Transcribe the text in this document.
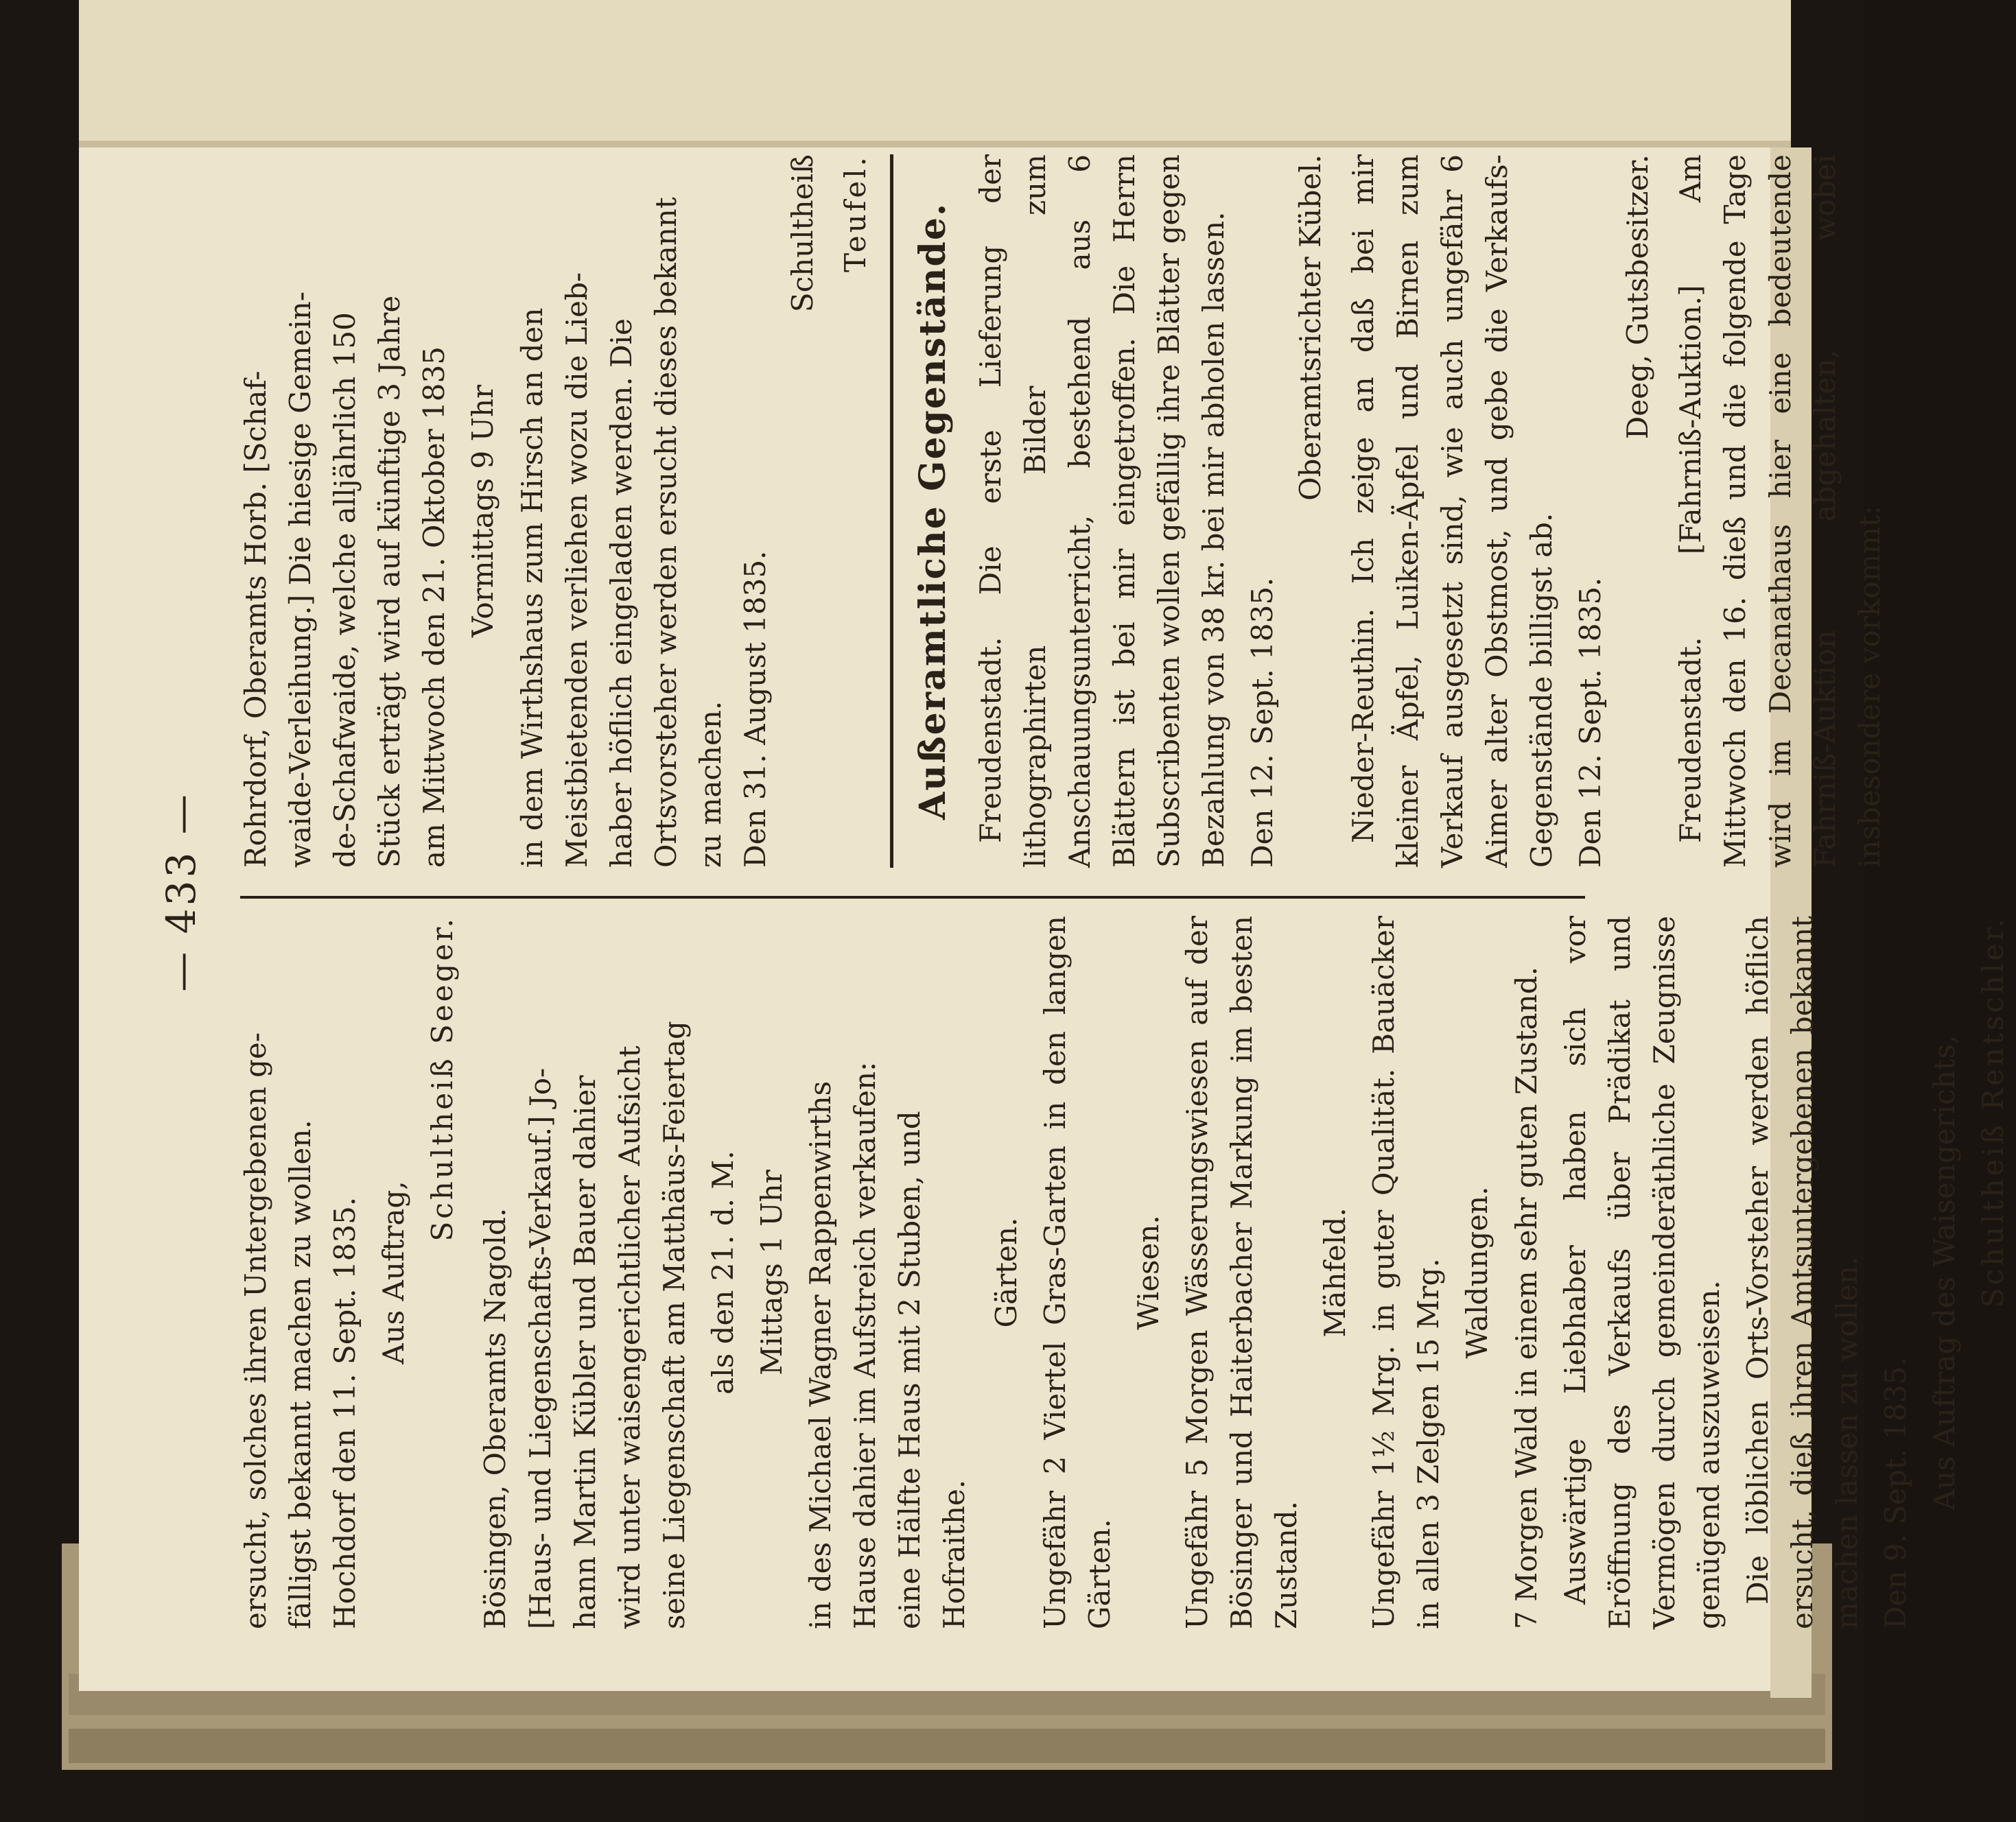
— 433 —
ersucht, solches ihren Untergebenen ge- fälligst bekannt machen zu wollen. Hochdorf den 11. Sept. 1835. Aus Auftrag,
Schultheiß Seeger.
Bösingen, Oberamts Nagold. [Haus- und Liegenschafts-Verkauf.] Jo- hann Martin Kübler und Bauer dahier wird unter waisengerichtlicher Aufsicht seine Liegenschaft am Matthäus-Feiertag als den 21. d. M. Mittags 1 Uhr in des Michael Wagner Rappenwirths Hause dahier im Aufstreich verkaufen: eine Hälfte Haus mit 2 Stuben, und Hofraithe.
Gärten. Ungefähr 2 Viertel Gras-Garten in den langen Gärten.
Wiesen. Ungefähr 5 Morgen Wässerungswiesen auf der Bösinger und Haiterbacher Markung im besten Zustand.
Mähfeld. Ungefähr 1½ Mrg. in guter Qualität. Bauäcker in allen 3 Zelgen 15 Mrg. Waldungen. 7 Morgen Wald in einem sehr guten Zustand. Auswärtige Liebhaber haben sich vor Eröffnung des Verkaufs über Prädikat und Vermögen durch gemeinderäthliche Zeugnisse genügend auszuweisen. Die löblichen Orts-Vorsteher werden höflich ersucht, dieß ihren Amtsuntergebenen bekannt machen lassen zu wollen. Den 9. Sept. 1835. Aus Auftrag des Waisengerichts, Schultheiß Rentschler.
Rohrdorf, Oberamts Horb. [Schaf- waide-Verleihung.] Die hiesige Gemein- de-Schafwaide, welche alljährlich 150 Stück erträgt wird auf künftige 3 Jahre am Mittwoch den 21. Oktober 1835 Vormittags 9 Uhr in dem Wirthshaus zum Hirsch an den Meistbietenden verliehen wozu die Lieb- haber höflich eingeladen werden. Die Ortsvorsteher werden ersucht dieses bekannt zu machen. Den 31. August 1835.
Schultheiß Teufel. Außeramtliche Gegenstände. Freudenstadt. Die erste Lieferung der lithographirten Bilder zum Anschauungsunterricht, bestehend aus 6 Blättern ist bei mir eingetroffen. Die Herrn Subscribenten wollen gefällig ihre Blätter gegen Bezahlung von 38 kr. bei mir abholen lassen. Den 12. Sept. 1835.
Oberamtsrichter Kübel. Nieder-Reuthin. Ich zeige an daß bei mir kleiner Äpfel, Luiken-Äpfel und Birnen zum Verkauf ausgesetzt sind, wie auch ungefähr 6 Aimer alter Obstmost, und gebe die Verkaufs-Gegenstände billigst ab. Den 12. Sept. 1835.
Deeg, Gutsbesitzer. Freudenstadt. [Fahrniß-Auktion.] Am Mittwoch den 16. dieß und die folgende Tage wird im Decanathaus hier eine bedeutende Fahrniß-Auktion abgehalten, wobei insbesondere vorkommt:
